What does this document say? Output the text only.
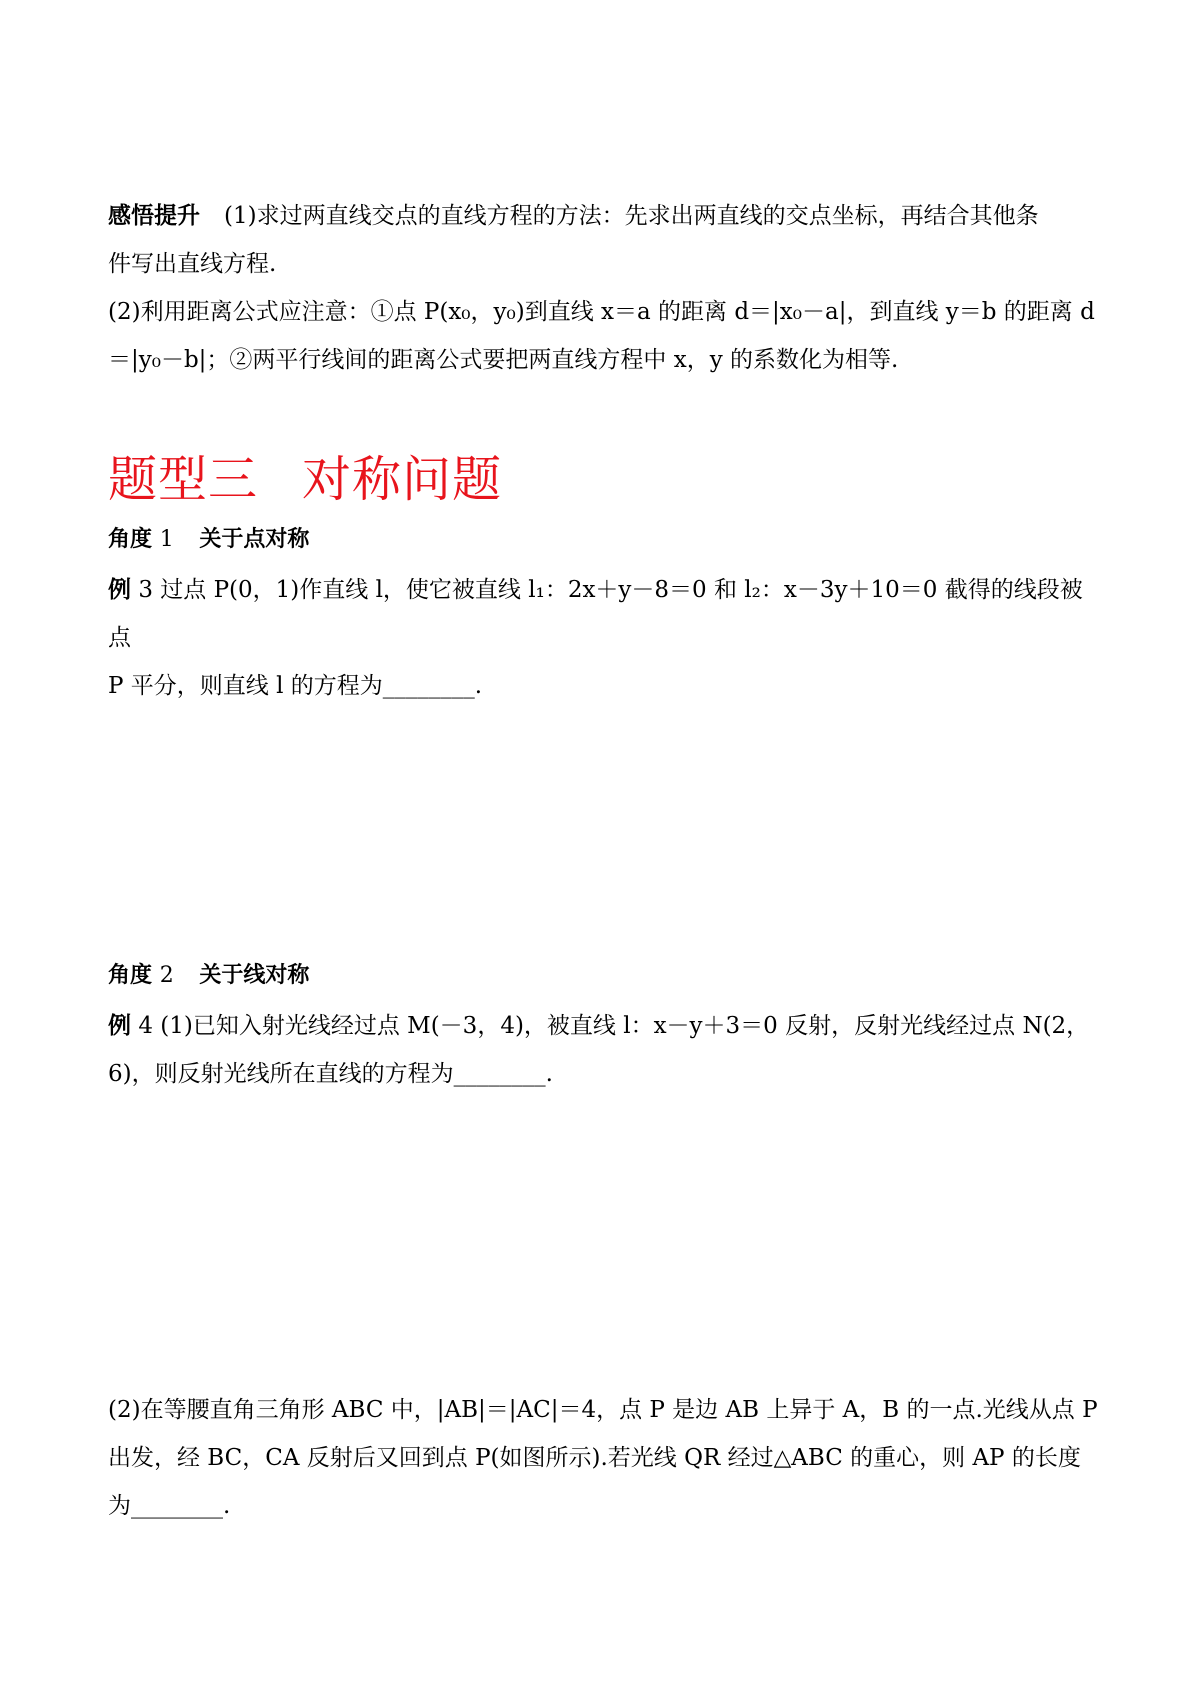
感悟提升 (1)求过两直线交点的直线方程的方法：先求出两直线的交点坐标，再结合其他条
件写出直线方程.
(2)利用距离公式应注意：①点 P(x₀，y₀)到直线 x＝a 的距离 d＝|x₀－a|，到直线 y＝b 的距离 d
＝|y₀－b|；②两平行线间的距离公式要把两直线方程中 x，y 的系数化为相等.
题型三 对称问题
角度 1 关于点对称
例 3 过点 P(0，1)作直线 l，使它被直线 l₁：2x＋y－8＝0 和 l₂：x－3y＋10＝0 截得的线段被点
P 平分，则直线 l 的方程为________.
角度 2 关于线对称
例 4 (1)已知入射光线经过点 M(－3，4)，被直线 l：x－y＋3＝0 反射，反射光线经过点 N(2，
6)，则反射光线所在直线的方程为________.
(2)在等腰直角三角形 ABC 中，|AB|＝|AC|＝4，点 P 是边 AB 上异于 A，B 的一点.光线从点 P
出发，经 BC，CA 反射后又回到点 P(如图所示).若光线 QR 经过△ABC 的重心，则 AP 的长度
为________.
